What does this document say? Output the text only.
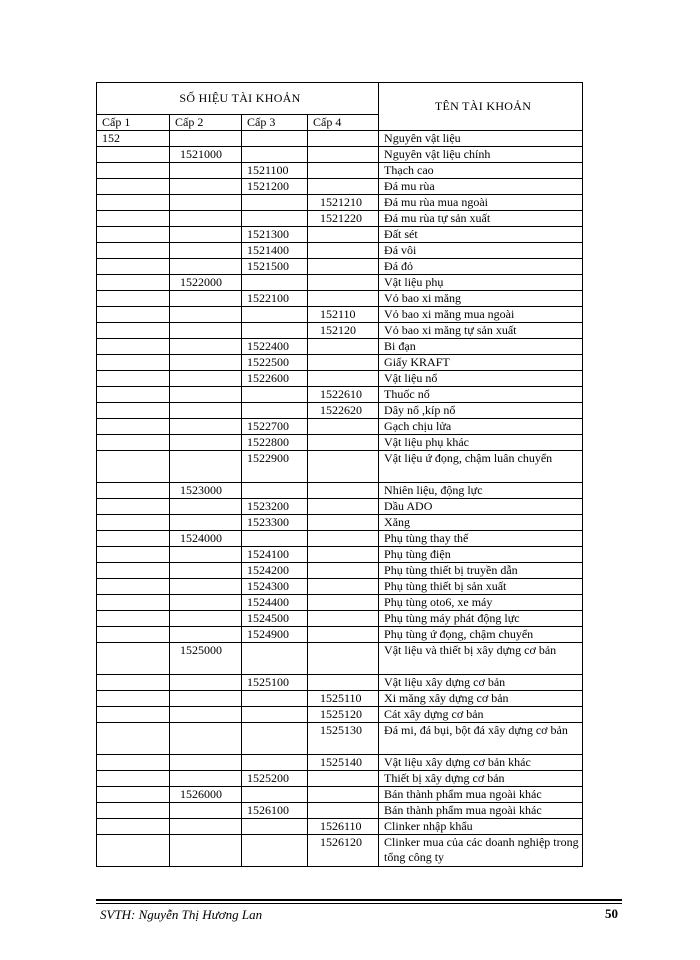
SỐ HIỆU TÀI KHOẢN				TÊN TÀI KHOẢN
Cấp 1	Cấp 2	Cấp 3	Cấp 4	
152				Nguyên vật liệu
	1521000			Nguyên vật liệu chính
		1521100		Thạch cao
		1521200		Đá mu rùa
			1521210	Đá mu rùa mua ngoài
			1521220	Đá mu rùa tự sản xuất
		1521300		Đất sét
		1521400		Đá vôi
		1521500		Đá đỏ
	1522000			Vật liệu phụ
		1522100		Vỏ bao xi măng
			152110	Vỏ bao xi măng mua ngoài
			152120	Vỏ bao xi măng tự sản xuất
		1522400		Bi đạn
		1522500		Giấy KRAFT
		1522600		Vật liệu nổ
			1522610	Thuốc nổ
			1522620	Dây nổ ,kíp nổ
		1522700		Gạch chịu lửa
		1522800		Vật liệu phụ khác
		1522900		Vật liệu ứ đọng, chậm luân chuyển
	1523000			Nhiên liệu, động lực
		1523200		Dầu ADO
		1523300		Xăng
	1524000			Phụ tùng thay thế
		1524100		Phụ tùng điện
		1524200		Phụ tùng thiết bị truyền dẫn
		1524300		Phụ tùng thiết bị sản xuất
		1524400		Phụ tùng oto6, xe máy
		1524500		Phụ tùng máy phát động lực
		1524900		Phụ tùng ứ đọng, chậm chuyển
	1525000			Vật liệu và thiết bị xây dựng cơ bản
		1525100		Vật liệu xây dựng cơ bản
			1525110	Xi măng xây dựng cơ bản
			1525120	Cát xây dựng cơ bản
			1525130	Đá mi, đá bụi, bột đá xây dựng cơ bản
			1525140	Vật liệu xây dựng cơ bản khác
		1525200		Thiết bị xây dựng cơ bản
	1526000			Bán thành phẩm mua ngoài khác
		1526100		Bán thành phẩm mua ngoài khác
			1526110	Clinker nhập khẩu
			1526120	Clinker mua của các doanh nghiệp trong tổng công ty
SVTH: Nguyễn Thị Hương Lan	50
